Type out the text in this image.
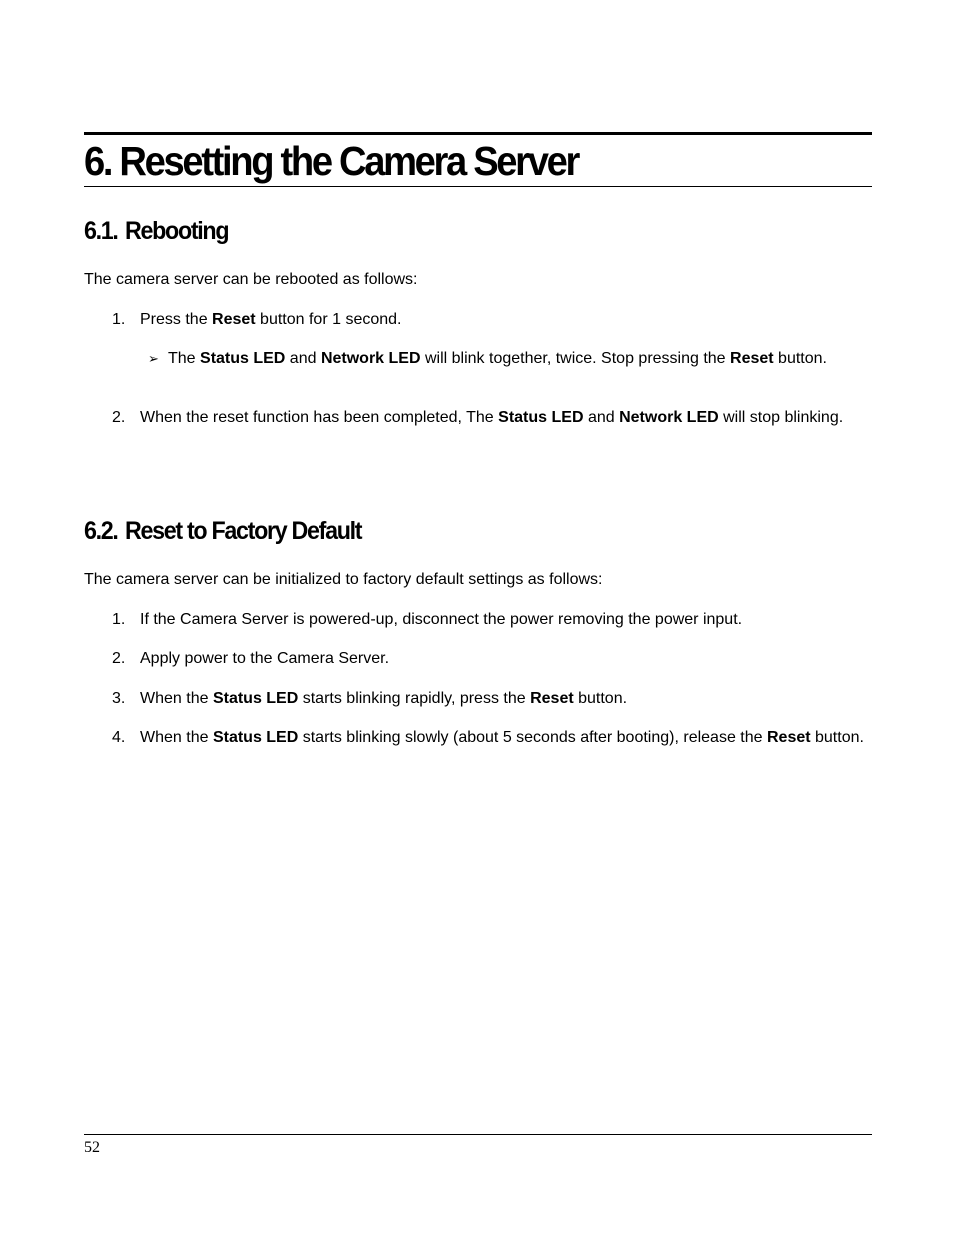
6. Resetting the Camera Server
6.1. Rebooting

The camera server can be rebooted as follows:

1. Press the Reset button for 1 second.
➢ The Status LED and Network LED will blink together, twice. Stop pressing the Reset button.
2. When the reset function has been completed, The Status LED and Network LED will stop blinking.
6.2. Reset to Factory Default

The camera server can be initialized to factory default settings as follows:

1. If the Camera Server is powered-up, disconnect the power removing the power input.
2. Apply power to the Camera Server.
3. When the Status LED starts blinking rapidly, press the Reset button.
4. When the Status LED starts blinking slowly (about 5 seconds after booting), release the Reset button.

52
